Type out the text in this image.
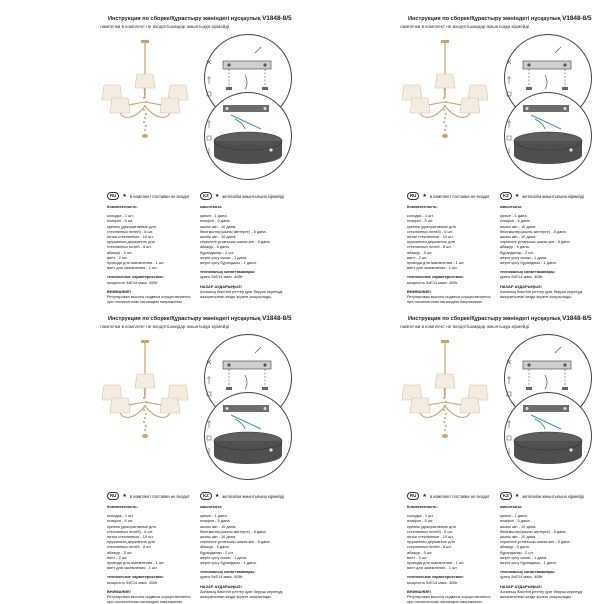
Инструкция по сборке/Құрастыру жөніндегі нұсқаулық V1848-8/5
лампочки в комплект не входят/шамдар жиынтыққа кірмейді
RU	★ в комплект поставки не входит	KZ	★ жеткізілім жиынтығына кірмейді

Комплектность:

колодка - 1 шт.

плафон - 5 шт.

крепеж (декоративные для

стеклянных нитей) - 6 шт.

нитки стеклянные - 10 шт.

пружинная держатель для

стеклянных нитей - 8 шт.

абажур - 5 шт.

винт - 2 шт.

провода для заземления - 1 шт.

винт для заземления - 1 шт.

технические характеристики:

мощность 5xE14 макс. 40Вт

ВНИМАНИЕ!

Регулировка высоты подвеса осуществляется

при отключенном питающем напряжении.

жиынтығы:

қалып - 1 дана.

плафон - 5 дана.

шыны жіп - 10 дана.

бекіткіштер(шыны жіптерге) - 8 дана.

шыны жіп - 10 дана.

серіппелі ұстағышы шыны жіп - 8 дана.

абажур - 5 дана.

бұрандалар - 2 шт.

жерге қосу сымы - 1 дана.

жерге қосу бұрандасы - 1 дана.

техникалық сипаттамалары:

қуаты 5хЕ14 макс. 40Вт

НАЗАР АУДАРЫҢЫЗ!

Аспаның биіктігін реттеу қуат беруші кернеуді

ажыратылған кезде жүзеге асырылады.

Инструкция по сборке/Құрастыру жөніндегі нұсқаулық V1848-8/5
лампочки в комплект не входят/шамдар жиынтыққа кірмейді
RU	★ в комплект поставки не входит	KZ	★ жеткізілім жиынтығына кірмейді

Комплектность:

колодка - 1 шт.

плафон - 5 шт.

крепеж (декоративные для

стеклянных нитей) - 6 шт.

нитки стеклянные - 10 шт.

пружинная держатель для

стеклянных нитей - 8 шт.

абажур - 5 шт.

винт - 2 шт.

провода для заземления - 1 шт.

винт для заземления - 1 шт.

технические характеристики:

мощность 5xE14 макс. 40Вт

ВНИМАНИЕ!

Регулировка высоты подвеса осуществляется

при отключенном питающем напряжении.

жиынтығы:

қалып - 1 дана.

плафон - 5 дана.

шыны жіп - 10 дана.

бекіткіштер(шыны жіптерге) - 8 дана.

шыны жіп - 10 дана.

серіппелі ұстағышы шыны жіп - 8 дана.

абажур - 5 дана.

бұрандалар - 2 шт.

жерге қосу сымы - 1 дана.

жерге қосу бұрандасы - 1 дана.

техникалық сипаттамалары:

қуаты 5хЕ14 макс. 40Вт

НАЗАР АУДАРЫҢЫЗ!

Аспаның биіктігін реттеу қуат беруші кернеуді

ажыратылған кезде жүзеге асырылады.

Инструкция по сборке/Құрастыру жөніндегі нұсқаулық V1848-8/5
лампочки в комплект не входят/шамдар жиынтыққа кірмейді
RU	★ в комплект поставки не входит	KZ	★ жеткізілім жиынтығына кірмейді

Комплектность:

колодка - 1 шт.

плафон - 5 шт.

крепеж (декоративные для

стеклянных нитей) - 6 шт.

нитки стеклянные - 10 шт.

пружинная держатель для

стеклянных нитей - 8 шт.

абажур - 5 шт.

винт - 2 шт.

провода для заземления - 1 шт.

винт для заземления - 1 шт.

технические характеристики:

мощность 5xE14 макс. 40Вт

ВНИМАНИЕ!

Регулировка высоты подвеса осуществляется

при отключенном питающем напряжении.

жиынтығы:

қалып - 1 дана.

плафон - 5 дана.

шыны жіп - 10 дана.

бекіткіштер(шыны жіптерге) - 8 дана.

шыны жіп - 10 дана.

серіппелі ұстағышы шыны жіп - 8 дана.

абажур - 5 дана.

бұрандалар - 2 шт.

жерге қосу сымы - 1 дана.

жерге қосу бұрандасы - 1 дана.

техникалық сипаттамалары:

қуаты 5хЕ14 макс. 40Вт

НАЗАР АУДАРЫҢЫЗ!

Аспаның биіктігін реттеу қуат беруші кернеуді

ажыратылған кезде жүзеге асырылады.

Инструкция по сборке/Құрастыру жөніндегі нұсқаулық V1848-8/5
лампочки в комплект не входят/шамдар жиынтыққа кірмейді
RU	★ в комплект поставки не входит	KZ	★ жеткізілім жиынтығына кірмейді

Комплектность:

колодка - 1 шт.

плафон - 5 шт.

крепеж (декоративные для

стеклянных нитей) - 6 шт.

нитки стеклянные - 10 шт.

пружинная держатель для

стеклянных нитей - 8 шт.

абажур - 5 шт.

винт - 2 шт.

провода для заземления - 1 шт.

винт для заземления - 1 шт.

технические характеристики:

мощность 5xE14 макс. 40Вт

ВНИМАНИЕ!

Регулировка высоты подвеса осуществляется

при отключенном питающем напряжении.

жиынтығы:

қалып - 1 дана.

плафон - 5 дана.

шыны жіп - 10 дана.

бекіткіштер(шыны жіптерге) - 8 дана.

шыны жіп - 10 дана.

серіппелі ұстағышы шыны жіп - 8 дана.

абажур - 5 дана.

бұрандалар - 2 шт.

жерге қосу сымы - 1 дана.

жерге қосу бұрандасы - 1 дана.

техникалық сипаттамалары:

қуаты 5хЕ14 макс. 40Вт

НАЗАР АУДАРЫҢЫЗ!

Аспаның биіктігін реттеу қуат беруші кернеуді

ажыратылған кезде жүзеге асырылады.
